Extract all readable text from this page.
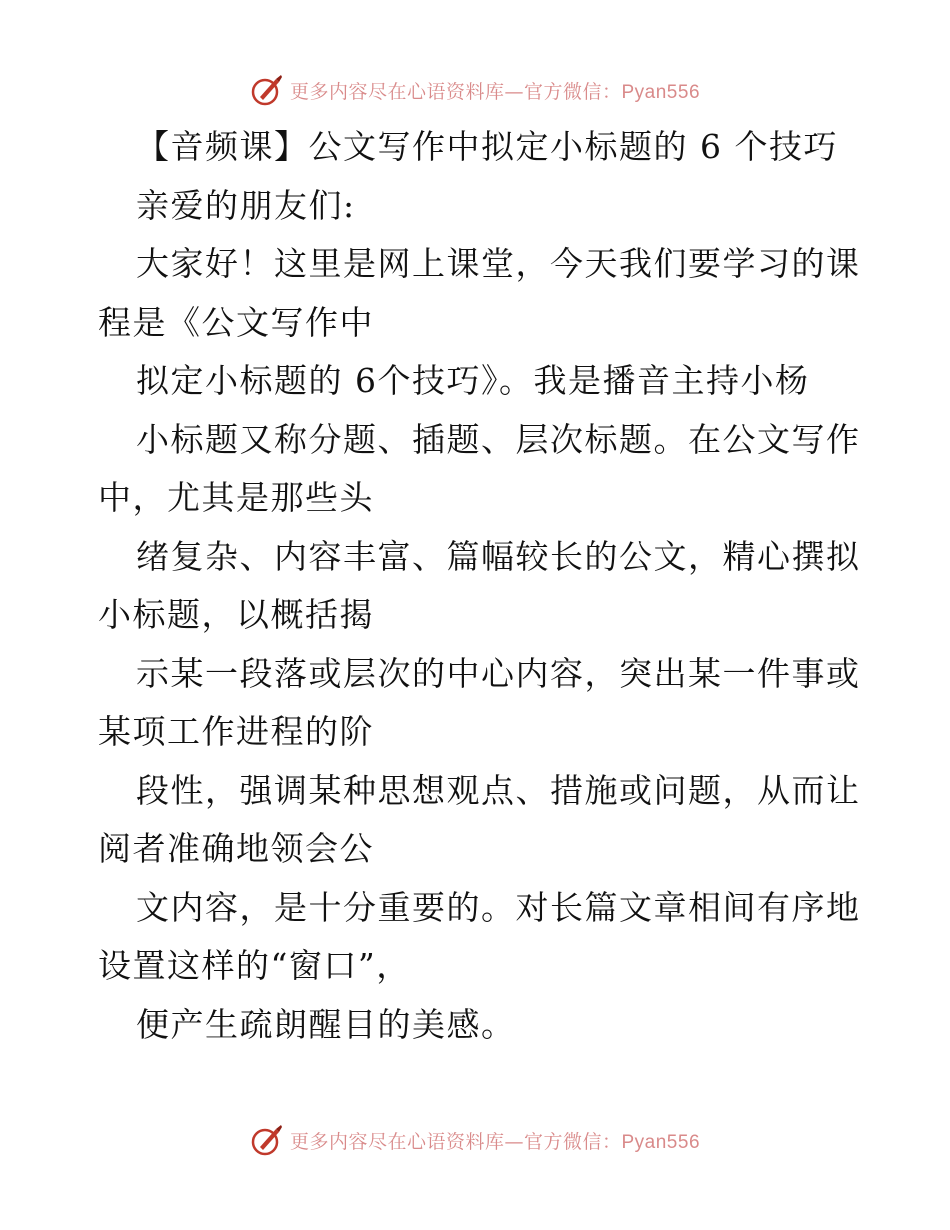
更多内容尽在心语资料库—官方微信：Pyan556
【音频课】公文写作中拟定小标题的 6 个技巧
亲爱的朋友们:
大家好！这里是网上课堂，今天我们要学习的课
程是《公文写作中
拟定小标题的 6个技巧》。我是播音主持小杨
小标题又称分题、插题、层次标题。在公文写作
中，尤其是那些头
绪复杂、内容丰富、篇幅较长的公文，精心撰拟
小标题，以概括揭
示某一段落或层次的中心内容，突出某一件事或
某项工作进程的阶
段性，强调某种思想观点、措施或问题，从而让
阅者准确地领会公
文内容，是十分重要的。对长篇文章相间有序地
设置这样的“窗口”，
便产生疏朗醒目的美感。
更多内容尽在心语资料库—官方微信：Pyan556
